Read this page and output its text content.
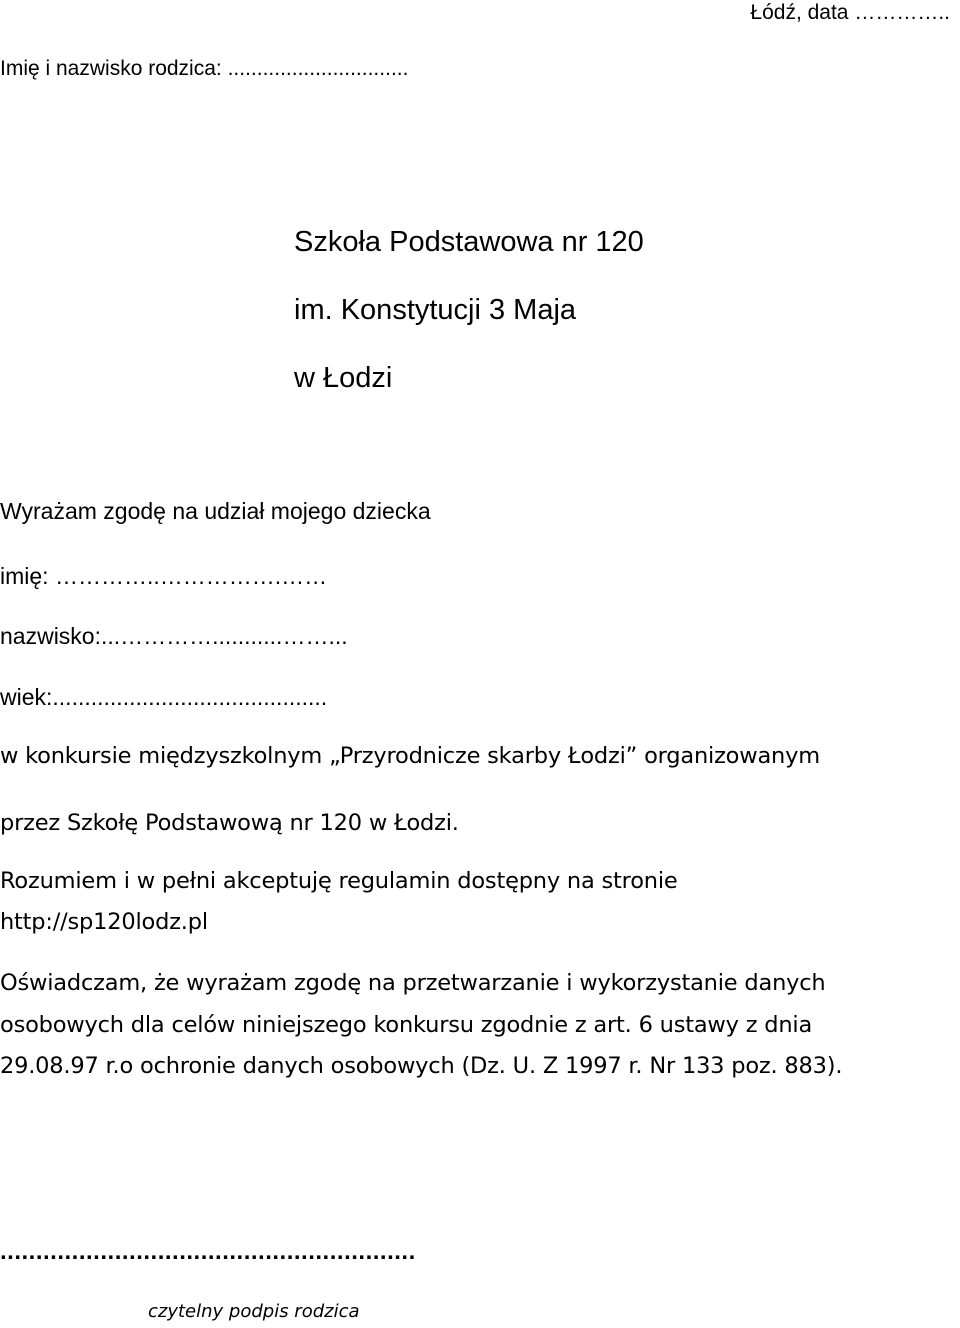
Łódź, data …………..
Imię i nazwisko rodzica: ...............................
Szkoła Podstawowa nr 120
im. Konstytucji 3 Maja
w Łodzi
Wyrażam zgodę na udział mojego dziecka
imię: …………..…………….……
nazwisko:...…………...........……...
wiek:...........................................
w konkursie międzyszkolnym „Przyrodnicze skarby Łodzi” organizowanym
przez Szkołę Podstawową nr 120 w Łodzi.
Rozumiem i w pełni akceptuję regulamin dostępny na stronie
http://sp120lodz.pl
Oświadczam, że wyrażam zgodę na przetwarzanie i wykorzystanie danych
osobowych dla celów niniejszego konkursu zgodnie z art. 6 ustawy z dnia
29.08.97 r.o ochronie danych osobowych (Dz. U. Z 1997 r. Nr 133 poz. 883).
..........................................................
czytelny podpis rodzica
